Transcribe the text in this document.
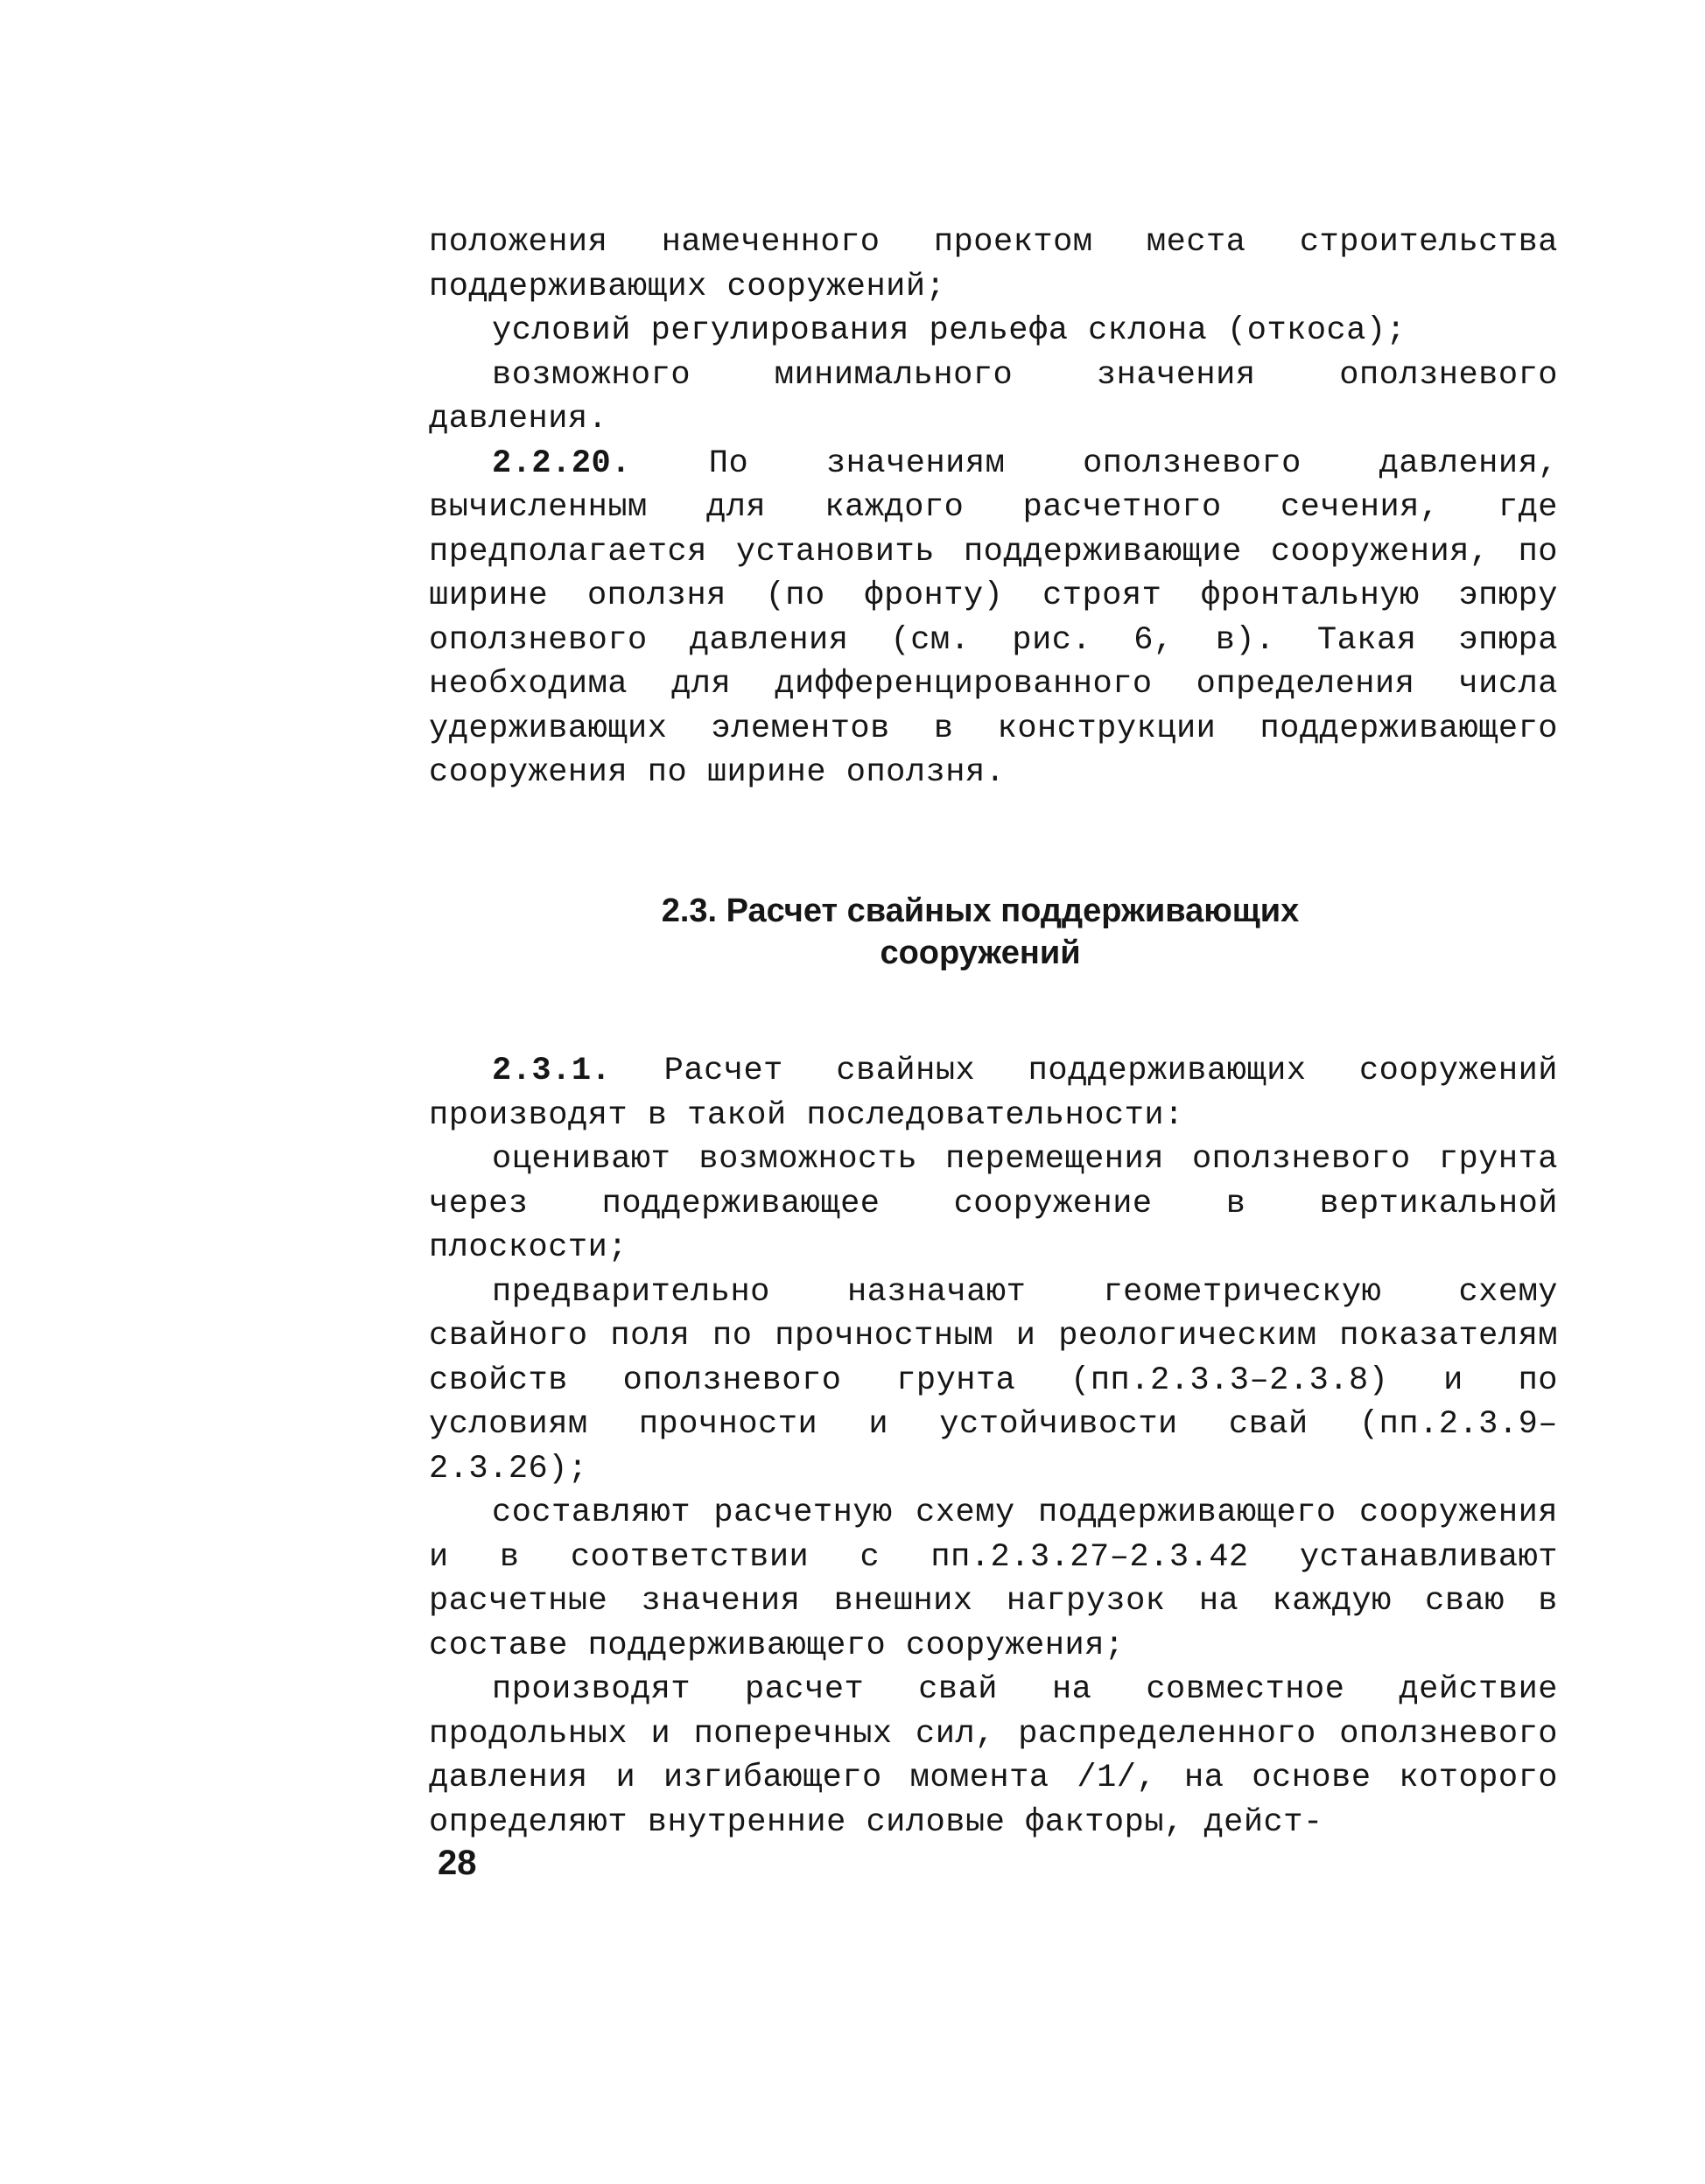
положения намеченного проектом места строительства поддерживающих сооружений;

условий регулирования рельефа склона (откоса);

возможного минимального значения оползневого давления.

2.2.20. По значениям оползневого давления, вычисленным для каждого расчетного сечения, где предполагается установить поддерживающие сооружения, по ширине оползня (по фронту) строят фронтальную эпюру оползневого давления (см. рис. 6, в). Такая эпюра необходима для дифференцированного определения числа удерживающих элементов в конструкции поддерживающего сооружения по ширине оползня.

2.3. Расчет свайных поддерживающих
сооружений

2.3.1. Расчет свайных поддерживающих сооружений производят в такой последовательности:

оценивают возможность перемещения оползневого грунта через поддерживающее сооружение в вертикальной плоскости;

предварительно назначают геометрическую схему свайного поля по прочностным и реологическим показателям свойств оползневого грунта (пп.2.3.3–2.3.8) и по условиям прочности и устойчивости свай (пп.2.3.9–2.3.26);

составляют расчетную схему поддерживающего сооружения и в соответствии с пп.2.3.27–2.3.42 устанавливают расчетные значения внешних нагрузок на каждую сваю в составе поддерживающего сооружения;

производят расчет свай на совместное действие продольных и поперечных сил, распределенного оползневого давления и изгибающего момента /1/, на основе которого определяют внутренние силовые факторы, дейст-

28
